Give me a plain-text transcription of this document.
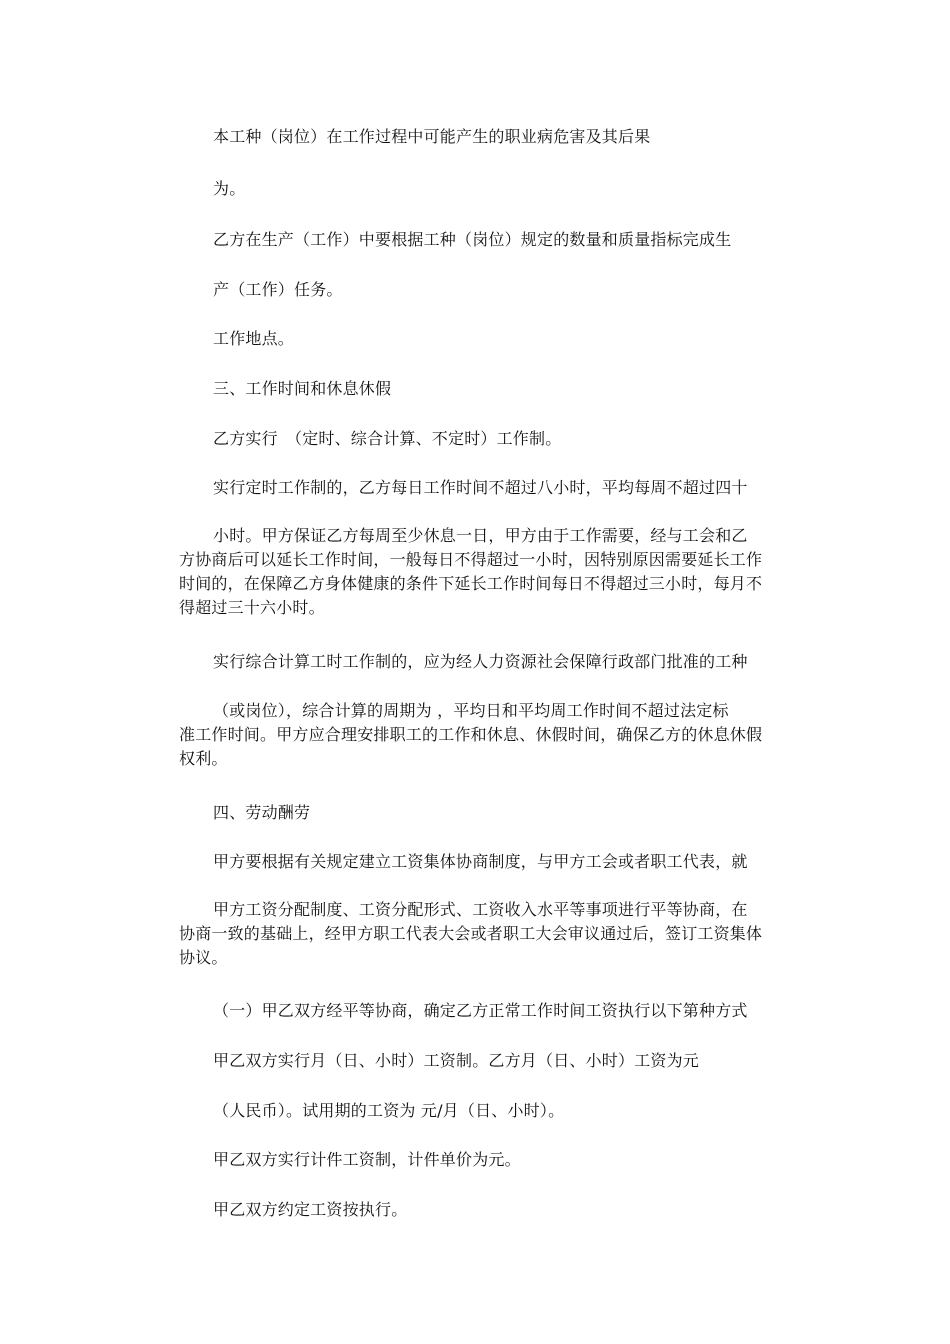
本工种（岗位）在工作过程中可能产生的职业病危害及其后果
为。
乙方在生产（工作）中要根据工种（岗位）规定的数量和质量指标完成生
产（工作）任务。
工作地点。
三、工作时间和休息休假
乙方实行　（定时、综合计算、不定时）工作制。
实行定时工作制的，乙方每日工作时间不超过八小时，平均每周不超过四十
小时。甲方保证乙方每周至少休息一日，甲方由于工作需要，经与工会和乙
方协商后可以延长工作时间，一般每日不得超过一小时，因特别原因需要延长工作时间的，在保障乙方身体健康的条件下延长工作时间每日不得超过三小时，每月不得超过三十六小时。
实行综合计算工时工作制的，应为经人力资源社会保障行政部门批准的工种
（或岗位），综合计算的周期为 ，平均日和平均周工作时间不超过法定标
准工作时间。甲方应合理安排职工的工作和休息、休假时间，确保乙方的休息休假权利。
四、劳动酬劳
甲方要根据有关规定建立工资集体协商制度，与甲方工会或者职工代表，就
甲方工资分配制度、工资分配形式、工资收入水平等事项进行平等协商，在
协商一致的基础上，经甲方职工代表大会或者职工大会审议通过后，签订工资集体协议。
（一）甲乙双方经平等协商，确定乙方正常工作时间工资执行以下第种方式
甲乙双方实行月（日、小时）工资制。乙方月（日、小时）工资为元
（人民币）。试用期的工资为 元/月（日、小时）。
甲乙双方实行计件工资制，计件单价为元。
甲乙双方约定工资按执行。
